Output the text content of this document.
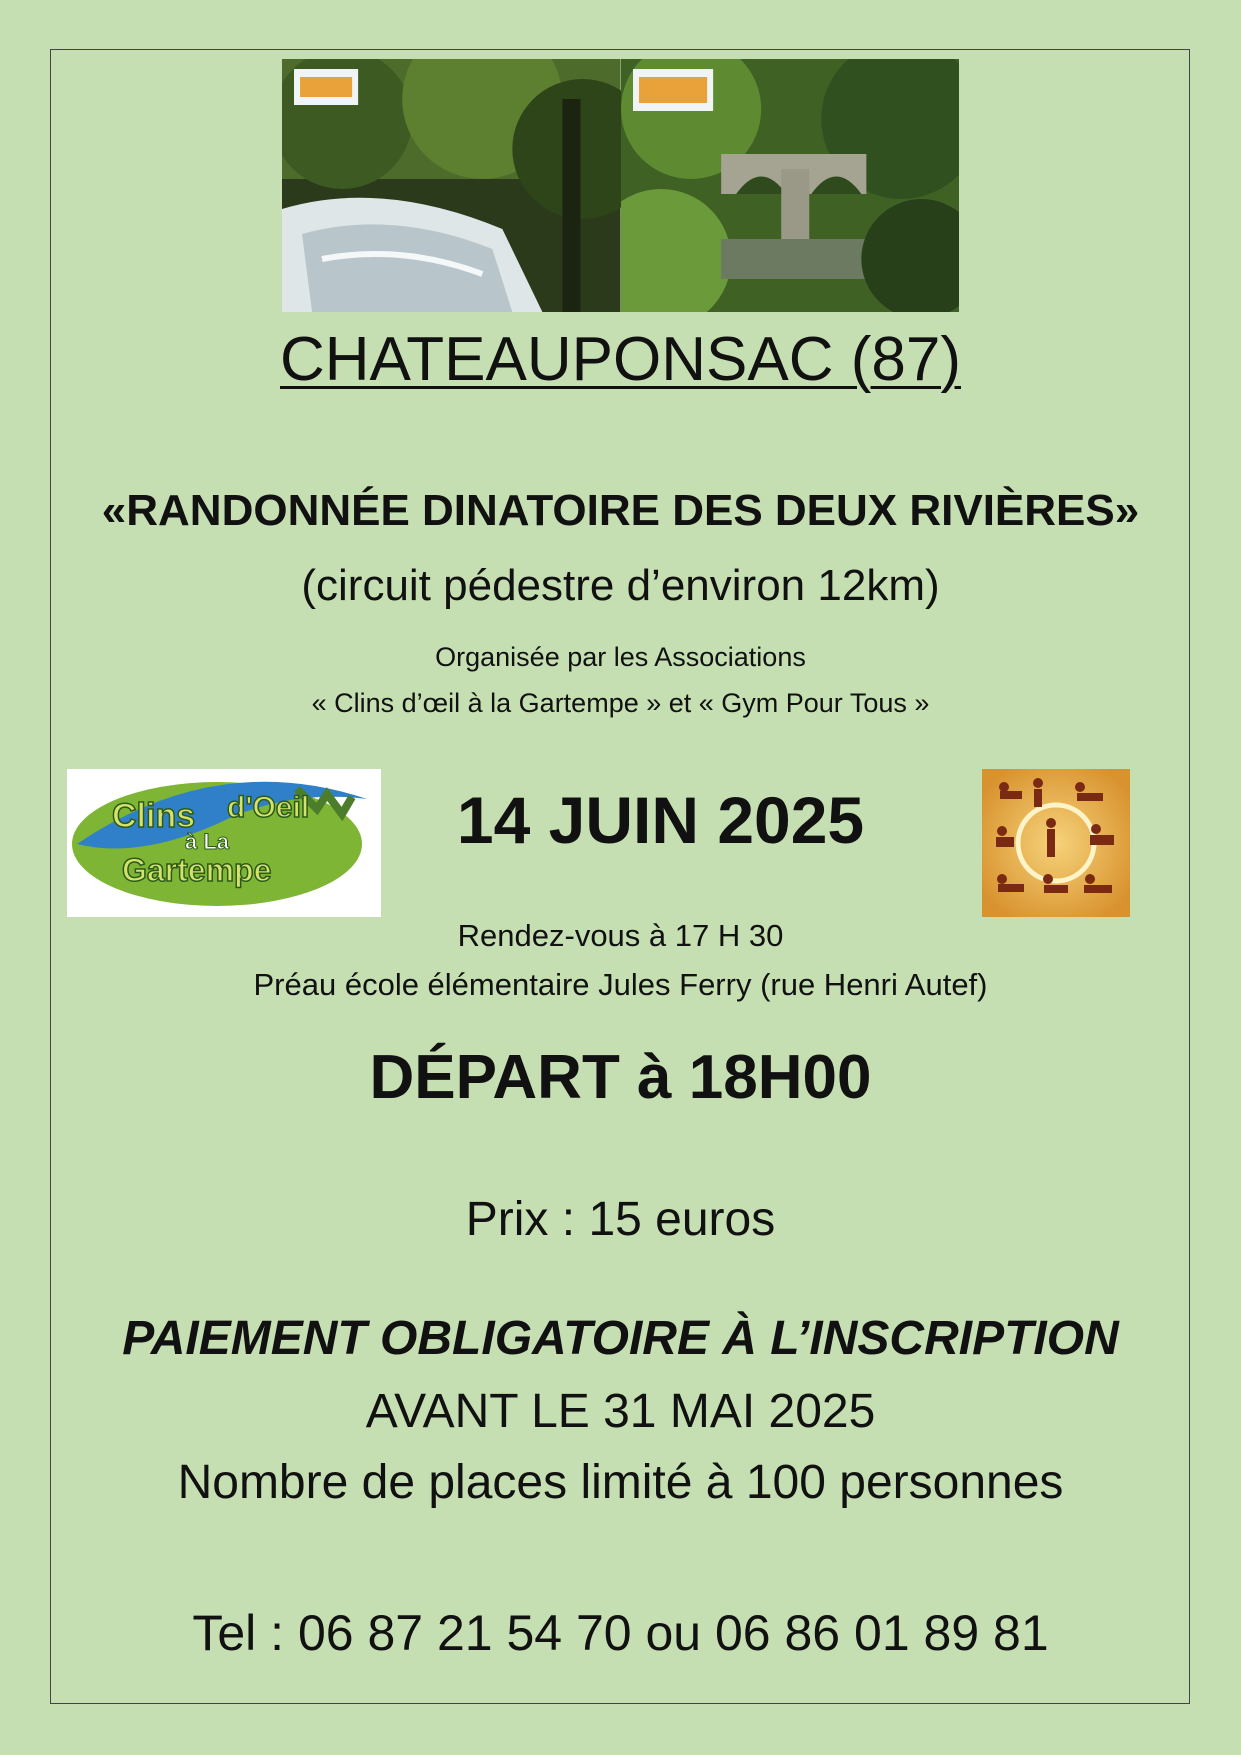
CHATEAUPONSAC (87)
«RANDONNÉE DINATOIRE DES DEUX RIVIÈRES»
(circuit pédestre d’environ 12km)
Organisée par les Associations
« Clins d’œil à la Gartempe » et « Gym Pour Tous »
Clins d'Oeil
à La
Gartempe
14 JUIN 2025
Rendez-vous à 17 H 30
Préau école élémentaire Jules Ferry (rue Henri Autef)
DÉPART à 18H00
Prix : 15 euros
PAIEMENT OBLIGATOIRE À L’INSCRIPTION
AVANT LE 31 MAI 2025
Nombre de places limité à 100 personnes
Tel : 06 87 21 54 70 ou 06 86 01 89 81
